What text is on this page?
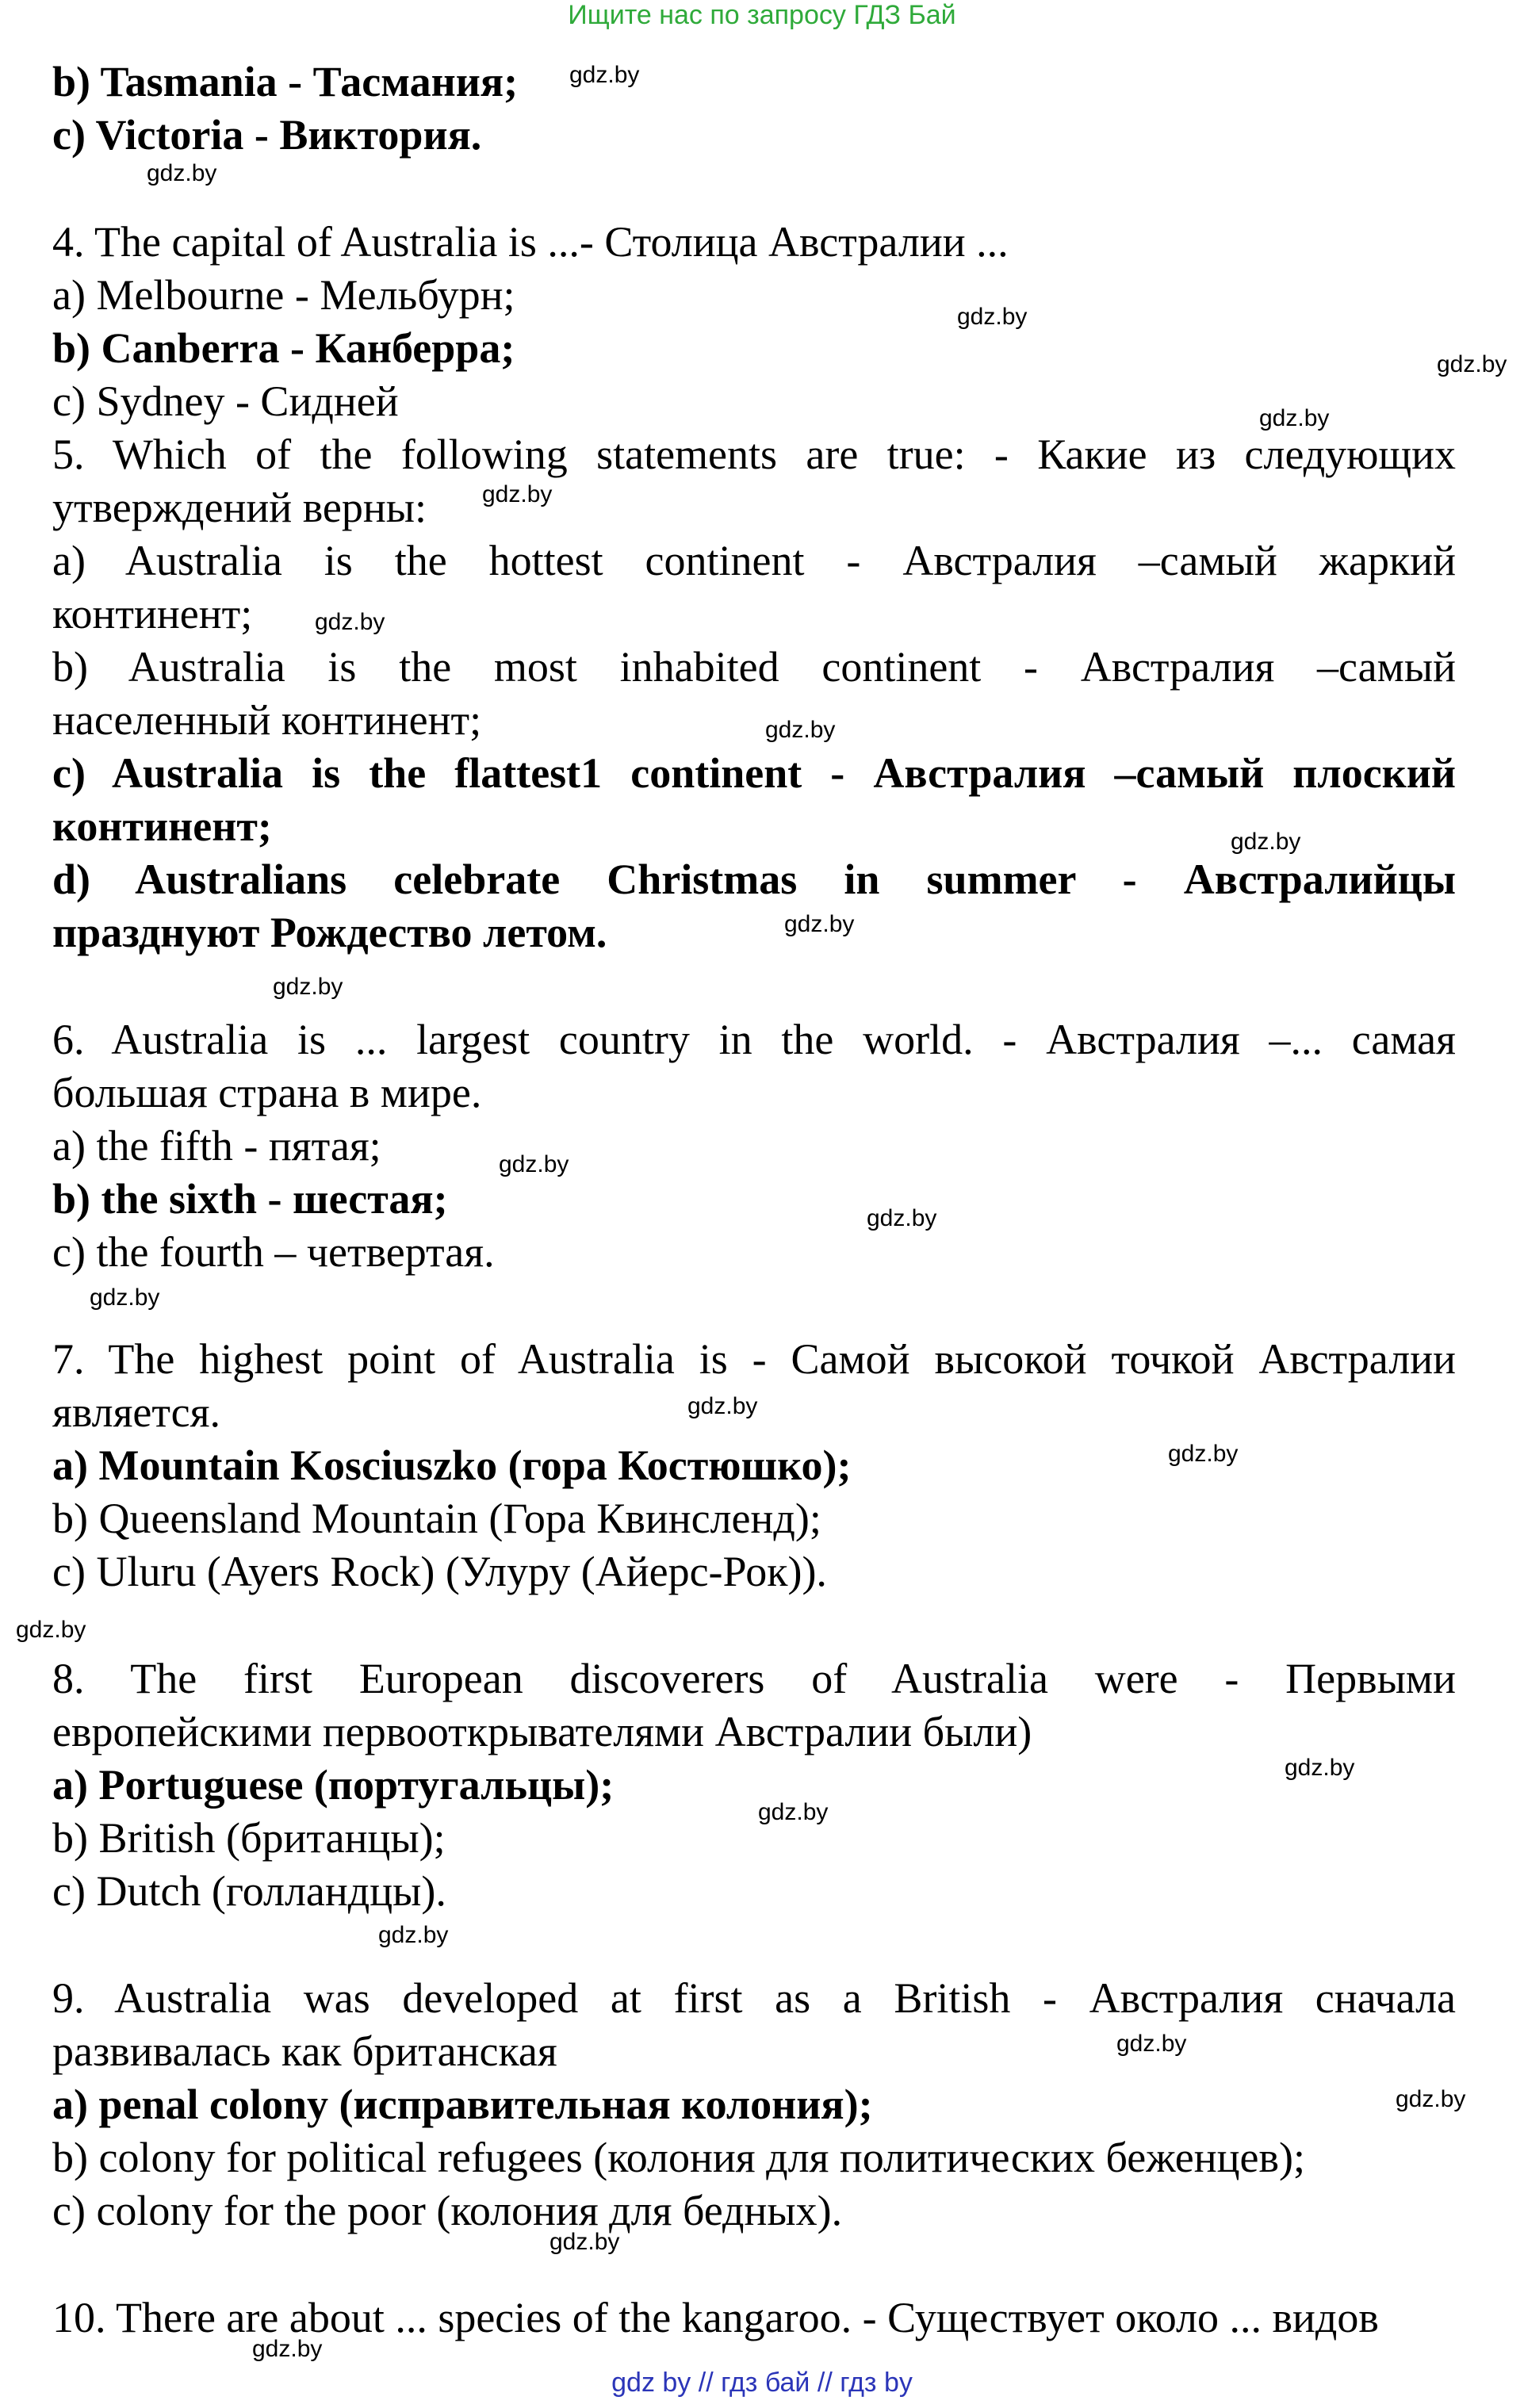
Ищите нас по запросу ГДЗ Бай
b) Tasmania - Тасмания;
c) Victoria - Виктория.
4. The capital of Australia is ...- Столица Австралии ...
a) Melbourne - Мельбурн;
b) Canberra - Канберра;
c) Sydney - Сидней
5. Which of the following statements are true: - Какие из следующих
утверждений верны:
a) Australia is the hottest continent - Австралия –самый жаркий
континент;
b) Australia is the most inhabited continent - Австралия –самый
населенный континент;
c) Australia is the flattest1 continent - Австралия –самый плоский
континент;
d) Australians celebrate Christmas in summer - Австралийцы
празднуют Рождество летом.
6. Australia is ... largest country in the world. - Австралия –... самая
большая страна в мире.
a) the fifth - пятая;
b) the sixth - шестая;
c) the fourth – четвертая.
7. The highest point of Australia is - Самой высокой точкой Австралии
является.
a) Mountain Kosciuszko (гора Костюшко);
b) Queensland Mountain (Гора Квинсленд);
c) Uluru (Ayers Rock) (Улуру (Айерс-Рок)).
8. The first European discoverers of Australia were - Первыми
европейскими первооткрывателями Австралии были)
a) Portuguese (португальцы);
b) British (британцы);
c) Dutch (голландцы).
9. Australia was developed at first as a British - Австралия сначала
развивалась как британская
a) penal colony (исправительная колония);
b) colony for political refugees (колония для политических беженцев);
c) colony for the poor (колония для бедных).
10. There are about ... species of the kangaroo. - Существует около ... видов
gdz.by
gdz.by
gdz.by
gdz.by
gdz.by
gdz.by
gdz.by
gdz.by
gdz.by
gdz.by
gdz.by
gdz.by
gdz.by
gdz.by
gdz.by
gdz.by
gdz.by
gdz.by
gdz.by
gdz.by
gdz.by
gdz.by
gdz.by
gdz.by
gdz by // гдз бай // гдз by
